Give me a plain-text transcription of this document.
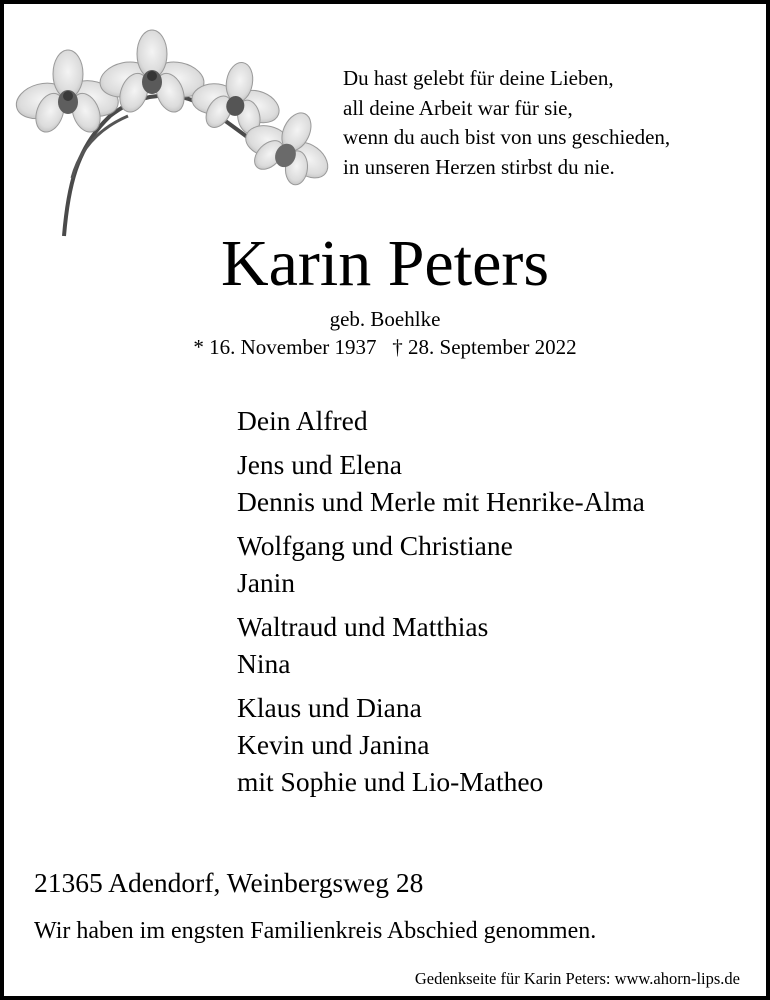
Du hast gelebt für deine Lieben,
all deine Arbeit war für sie,
wenn du auch bist von uns geschieden,
in unseren Herzen stirbst du nie.
Karin Peters
geb. Boehlke
* 16. November 1937   † 28. September 2022
Dein Alfred
Jens und Elena
Dennis und Merle mit Henrike-Alma
Wolfgang und Christiane
Janin
Waltraud und Matthias
Nina
Klaus und Diana
Kevin und Janina
mit Sophie und Lio-Matheo
21365 Adendorf, Weinbergsweg 28
Wir haben im engsten Familienkreis Abschied genommen.
Gedenkseite für Karin Peters: www.ahorn-lips.de
